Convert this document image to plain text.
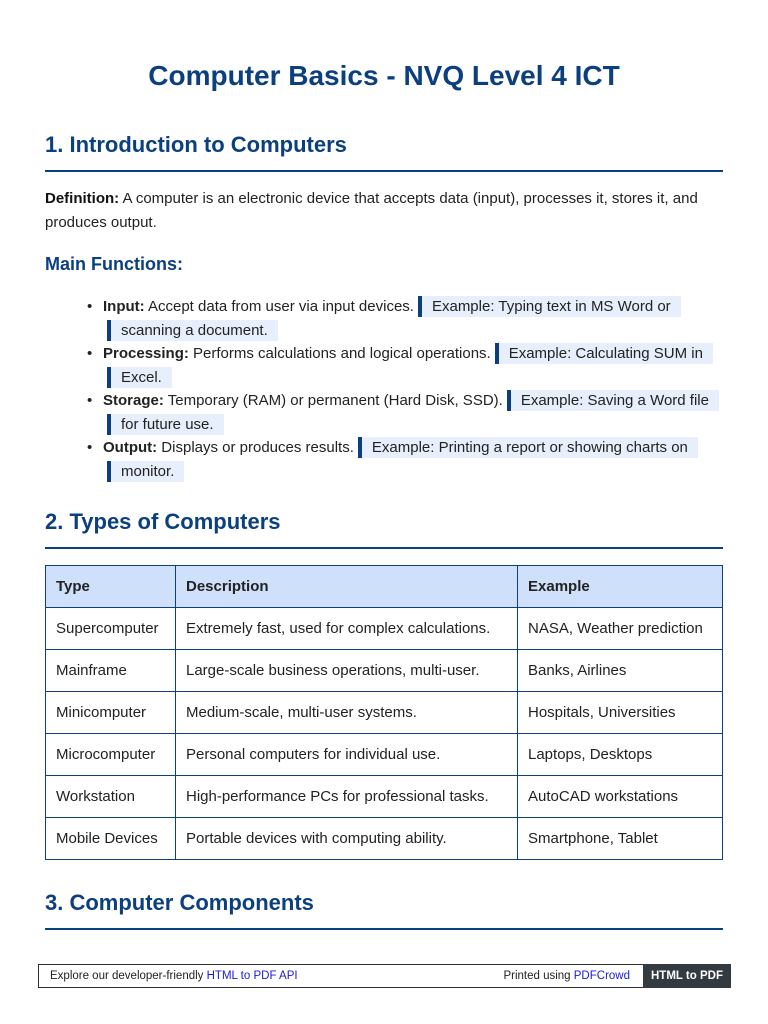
Computer Basics - NVQ Level 4 ICT
1. Introduction to Computers
Definition: A computer is an electronic device that accepts data (input), processes it, stores it, and produces output.
Main Functions:
• Input: Accept data from user via input devices. Example: Typing text in MS Word or scanning a document.
• Processing: Performs calculations and logical operations. Example: Calculating SUM in Excel.
• Storage: Temporary (RAM) or permanent (Hard Disk, SSD). Example: Saving a Word file for future use.
• Output: Displays or produces results. Example: Printing a report or showing charts on monitor.
2. Types of Computers
Type	Description	Example
Supercomputer	Extremely fast, used for complex calculations.	NASA, Weather prediction
Mainframe	Large-scale business operations, multi-user.	Banks, Airlines
Minicomputer	Medium-scale, multi-user systems.	Hospitals, Universities
Microcomputer	Personal computers for individual use.	Laptops, Desktops
Workstation	High-performance PCs for professional tasks.	AutoCAD workstations
Mobile Devices	Portable devices with computing ability.	Smartphone, Tablet
3. Computer Components
Explore our developer-friendly HTML to PDF API	Printed using PDFCrowd	HTML to PDF
